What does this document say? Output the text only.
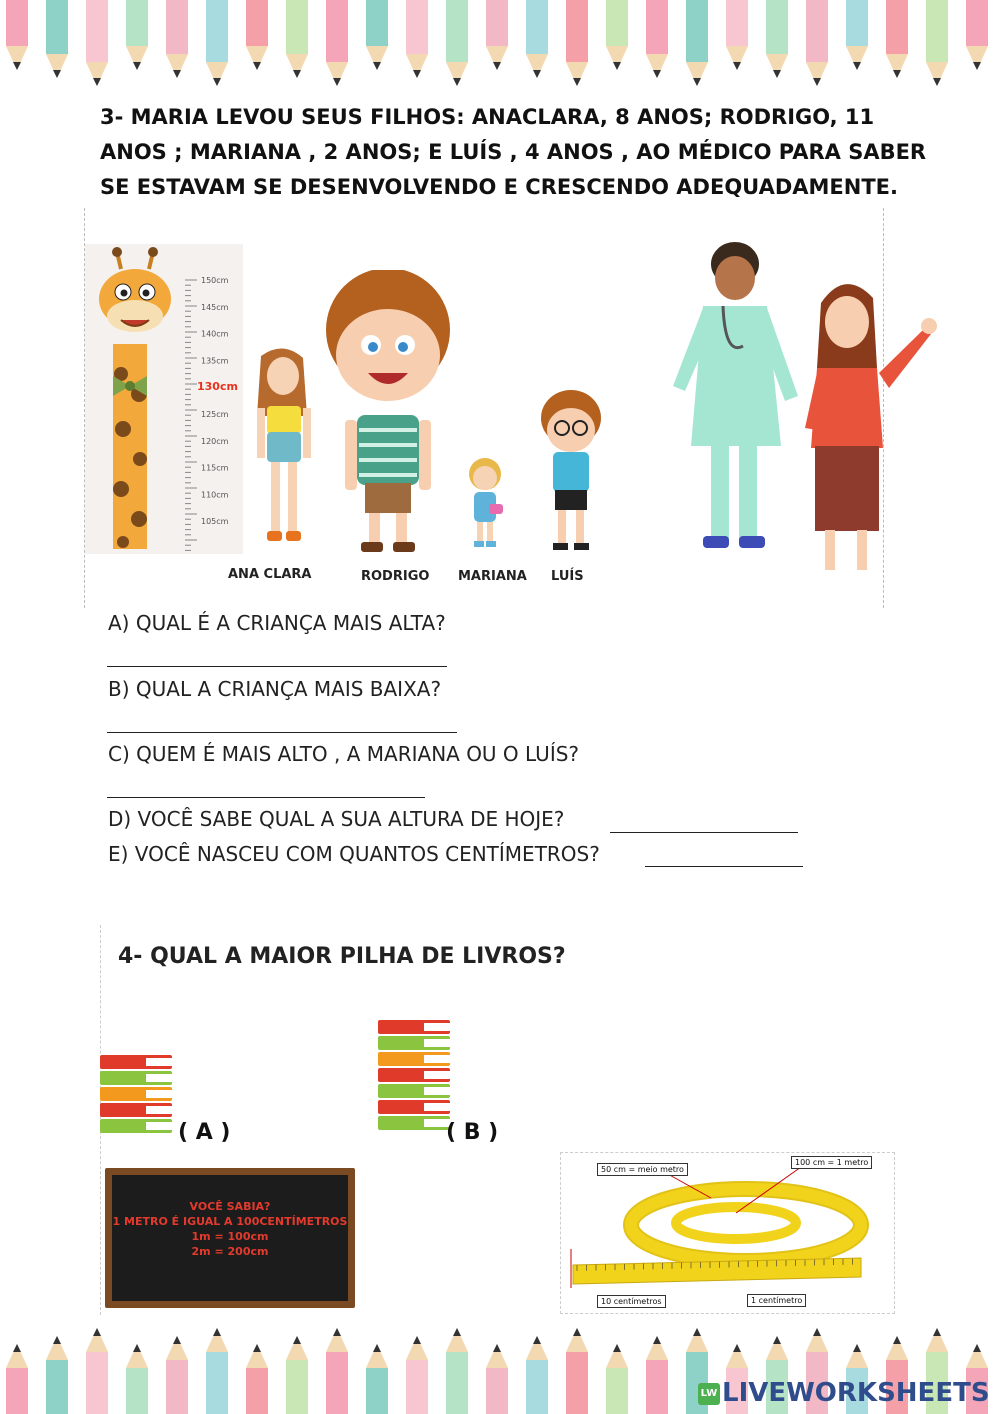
3- MARIA LEVOU SEUS FILHOS: ANACLARA, 8 ANOS; RODRIGO, 11 ANOS ; MARIANA , 2 ANOS; E LUÍS , 4 ANOS , AO MÉDICO PARA SABER SE ESTAVAM SE DESENVOLVENDO E CRESCENDO ADEQUADAMENTE.
150cm
145cm
140cm
135cm
130cm
125cm
120cm
115cm
110cm
105cm
ANA CLARA	RODRIGO MARIANA LUÍS
A) QUAL É A CRIANÇA MAIS ALTA?
B) QUAL A CRIANÇA MAIS BAIXA?
C) QUEM É MAIS ALTO , A MARIANA OU O LUÍS?
D) VOCÊ SABE QUAL A SUA ALTURA DE HOJE?
E) VOCÊ NASCEU COM QUANTOS CENTÍMETROS?
4- QUAL A MAIOR PILHA DE LIVROS?
( A )	( B )
VOCÊ SABIA?
1 METRO É IGUAL A 100CENTÍMETROS
1m = 100cm
2m = 200cm
50 cm = meio metro
100 cm = 1 metro
10 centímetros	1 centímetro
LW LIVEWORKSHEETS
